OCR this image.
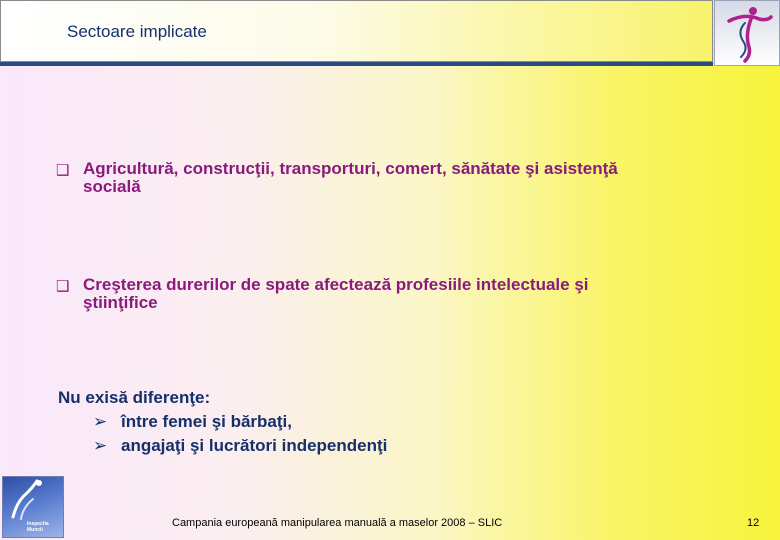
Sectoare implicate
❑ Agricultură, construcţii, transporturi, comert, sănătate şi asistenţă
socială
❑ Creşterea durerilor de spate afectează profesiile intelectuale şi
ştiinţifice
Nu exisă diferenţe:
➢ între femei şi bărbaţi,
➢ angajaţi şi lucrători independenţi
Inspectia
Muncii
Campania europeană manipularea manuală a maselor 2008 – SLIC	12
